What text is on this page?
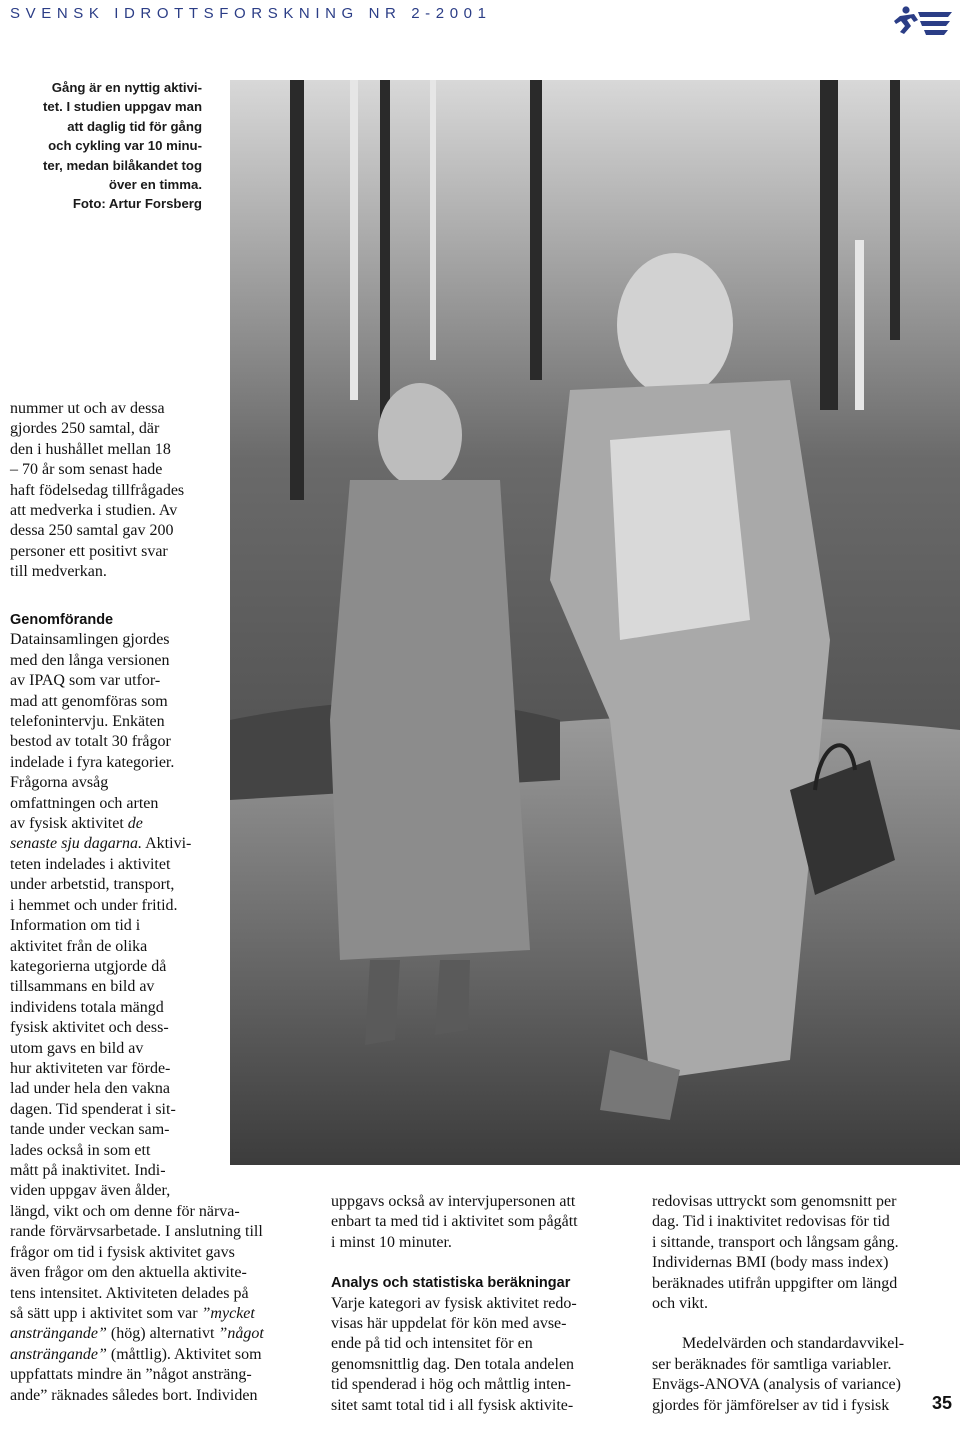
SVENSK IDROTTSFORSKNING NR 2-2001
Gång är en nyttig aktivi-
tet. I studien uppgav man
att daglig tid för gång
och cykling var 10 minu-
ter, medan bilåkandet tog
över en timma.
Foto: Artur Forsberg
nummer ut och av dessa
gjordes 250 samtal, där
den i hushållet mellan 18
– 70 år som senast hade
haft födelsedag tillfrågades
att medverka i studien. Av
dessa 250 samtal gav 200
personer ett positivt svar
till medverkan.
Genomförande
Datainsamlingen gjordes
med den långa versionen
av IPAQ som var utfor-
mad att genomföras som
telefonintervju. Enkäten
bestod av totalt 30 frågor
indelade i fyra kategorier.
Frågorna avsåg
omfattningen och arten
av fysisk aktivitet de
senaste sju dagarna. Aktivi-
teten indelades i aktivitet
under arbetstid, transport,
i hemmet och under fritid.
Information om tid i
aktivitet från de olika
kategorierna utgjorde då
tillsammans en bild av
individens totala mängd
fysisk aktivitet och dess-
utom gavs en bild av
hur aktiviteten var förde-
lad under hela den vakna
dagen. Tid spenderat i sit-
tande under veckan sam-
lades också in som ett
mått på inaktivitet. Indi-
viden uppgav även ålder,
längd, vikt och om denne för närva-
rande förvärvsarbetade. I anslutning till
frågor om tid i fysisk aktivitet gavs
även frågor om den aktuella aktivite-
tens intensitet. Aktiviteten delades på
så sätt upp i aktivitet som var ”mycket
ansträngande” (hög) alternativt ”något
ansträngande” (måttlig). Aktivitet som
uppfattats mindre än ”något ansträng-
ande” räknades således bort. Individen
uppgavs också av intervjupersonen att
enbart ta med tid i aktivitet som pågått
i minst 10 minuter.
Analys och statistiska beräkningar
Varje kategori av fysisk aktivitet redo-
visas här uppdelat för kön med avse-
ende på tid och intensitet för en
genomsnittlig dag. Den totala andelen
tid spenderad i hög och måttlig inten-
sitet samt total tid i all fysisk aktivite-
redovisas uttryckt som genomsnitt per
dag. Tid i inaktivitet redovisas för tid
i sittande, transport och långsam gång.
Individernas BMI (body mass index)
beräknades utifrån uppgifter om längd
och vikt.
Medelvärden och standardavvikel-
ser beräknades för samtliga variabler.
Envägs-ANOVA (analysis of variance)
gjordes för jämförelser av tid i fysisk	35
